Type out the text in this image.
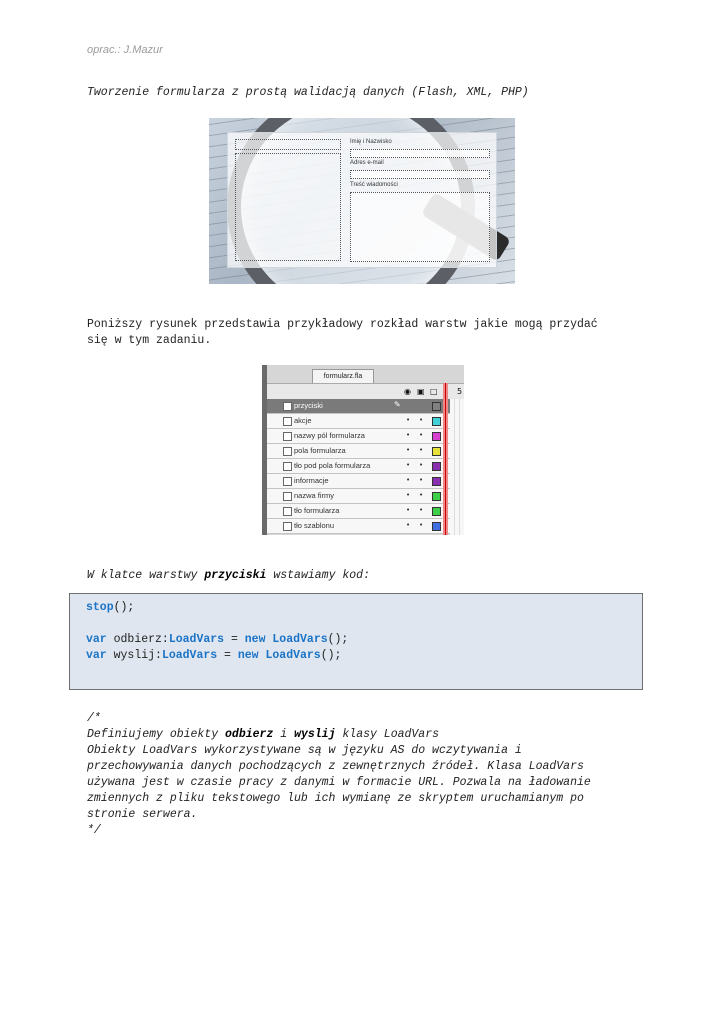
oprac.: J.Mazur
Tworzenie formularza z prostą walidacją danych (Flash, XML, PHP)
Imię i Nazwisko
Adres e-mail
Treść wiadomości
Poniższy rysunek przedstawia przykładowy rozkład warstw jakie mogą przydać
się w tym zadaniu.
formularz.fla
◉ ▣ □ 5
przyciski	✎
akcje	• •
nazwy pól formularza	• •
pola formularza	• •
tło pod pola formularza	• •
informacje	• •
nazwa firmy	• •
tło formularza	• •
tło szablonu	• •
W klatce warstwy przyciski wstawiamy kod:
stop();
var odbierz:LoadVars = new LoadVars();
var wyslij:LoadVars = new LoadVars();
/*
Definiujemy obiekty odbierz i wyslij klasy LoadVars
Obiekty LoadVars wykorzystywane są w języku AS do wczytywania i
przechowywania danych pochodzących z zewnętrznych źródeł. Klasa LoadVars
używana jest w czasie pracy z danymi w formacie URL. Pozwala na ładowanie
zmiennych z pliku tekstowego lub ich wymianę ze skryptem uruchamianym po
stronie serwera.
*/
